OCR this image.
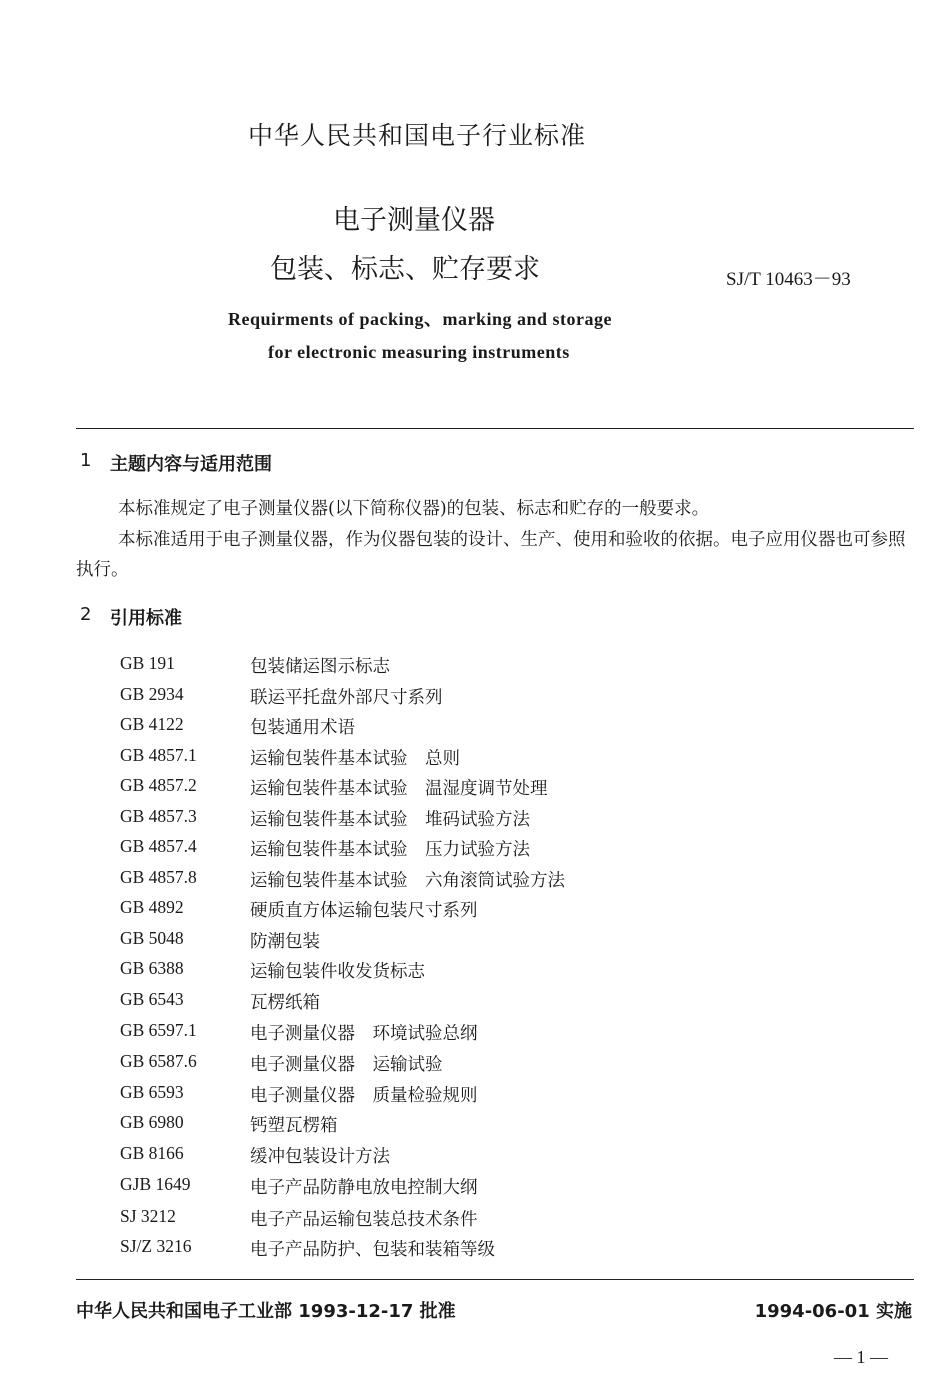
中华人民共和国电子行业标准
电子测量仪器
包装、标志、贮存要求	SJ/T 10463－93
Requirments of packing、marking and storage
for electronic measuring instruments
1 主题内容与适用范围
本标准规定了电子测量仪器(以下简称仪器)的包装、标志和贮存的一般要求。
本标准适用于电子测量仪器，作为仪器包装的设计、生产、使用和验收的依据。电子应用仪器也可参照执行。
2 引用标准
GB 191	包装储运图示标志
GB 2934	联运平托盘外部尺寸系列
GB 4122	包装通用术语
GB 4857.1	运输包装件基本试验　总则
GB 4857.2	运输包装件基本试验　温湿度调节处理
GB 4857.3	运输包装件基本试验　堆码试验方法
GB 4857.4	运输包装件基本试验　压力试验方法
GB 4857.8	运输包装件基本试验　六角滚筒试验方法
GB 4892	硬质直方体运输包装尺寸系列
GB 5048	防潮包装
GB 6388	运输包装件收发货标志
GB 6543	瓦楞纸箱
GB 6597.1	电子测量仪器　环境试验总纲
GB 6587.6	电子测量仪器　运输试验
GB 6593	电子测量仪器　质量检验规则
GB 6980	钙塑瓦楞箱
GB 8166	缓冲包装设计方法
GJB 1649	电子产品防静电放电控制大纲
SJ 3212	电子产品运输包装总技术条件
SJ/Z 3216	电子产品防护、包装和装箱等级
中华人民共和国电子工业部 1993-12-17 批准	1994-06-01 实施
— 1 —
